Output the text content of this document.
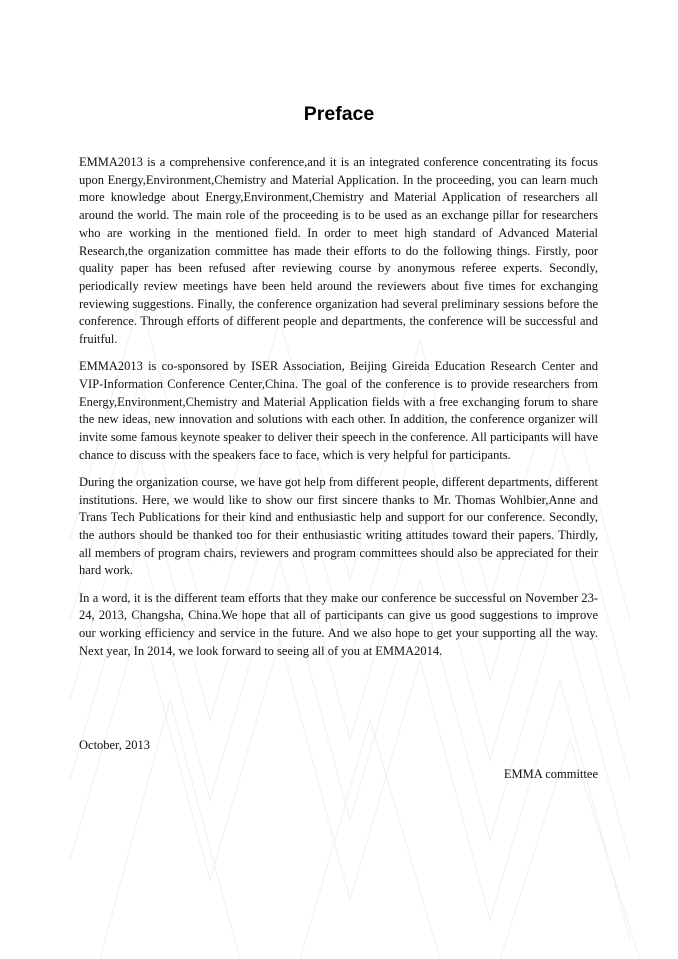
Preface

EMMA2013 is a comprehensive conference,and it is an integrated conference concentrating its focus upon Energy,Environment,Chemistry and Material Application. In the proceeding, you can learn much more knowledge about Energy,Environment,Chemistry and Material Application of researchers all around the world. The main role of the proceeding is to be used as an exchange pillar for researchers who are working in the mentioned field. In order to meet high standard of Advanced Material Research,the organization committee has made their efforts to do the following things. Firstly, poor quality paper has been refused after reviewing course by anonymous referee experts. Secondly, periodically review meetings have been held around the reviewers about five times for exchanging reviewing suggestions. Finally, the conference organization had several preliminary sessions before the conference. Through efforts of different people and departments, the conference will be successful and fruitful.

EMMA2013 is co-sponsored by ISER Association, Beijing Gireida Education Research Center and VIP-Information Conference Center,China. The goal of the conference is to provide researchers from Energy,Environment,Chemistry and Material Application fields with a free exchanging forum to share the new ideas, new innovation and solutions with each other. In addition, the conference organizer will invite some famous keynote speaker to deliver their speech in the conference. All participants will have chance to discuss with the speakers face to face, which is very helpful for participants.

During the organization course, we have got help from different people, different departments, different institutions. Here, we would like to show our first sincere thanks to Mr. Thomas Wohlbier,Anne and Trans Tech Publications for their kind and enthusiastic help and support for our conference. Secondly, the authors should be thanked too for their enthusiastic writing attitudes toward their papers. Thirdly, all members of program chairs, reviewers and program committees should also be appreciated for their hard work.

In a word, it is the different team efforts that they make our conference be successful on November 23-24, 2013, Changsha, China.We hope that all of participants can give us good suggestions to improve our working efficiency and service in the future. And we also hope to get your supporting all the way. Next year, In 2014, we look forward to seeing all of you at EMMA2014.

October, 2013
EMMA committee
